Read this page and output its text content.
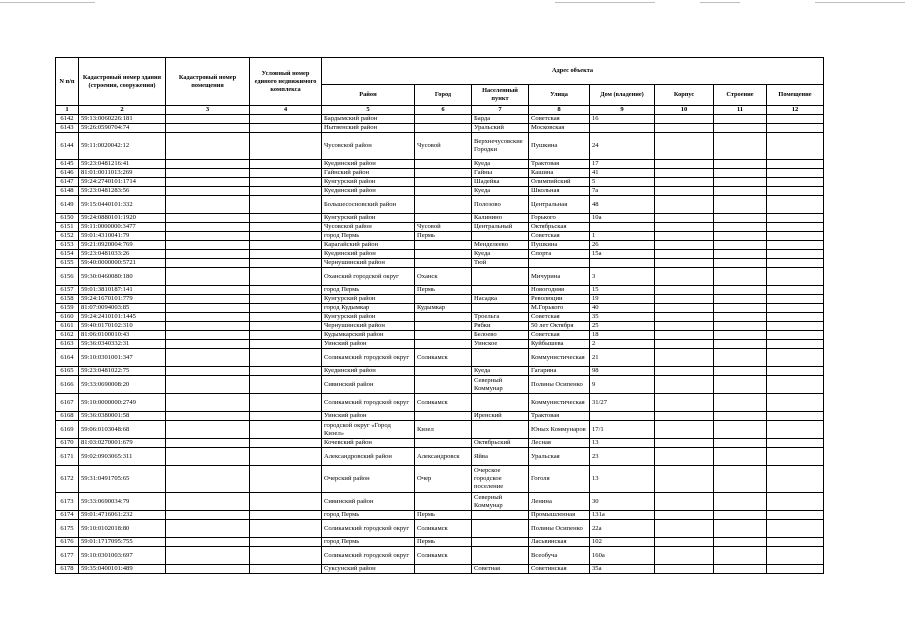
N п/п	Кадастровый номер здания (строения, сооружения)	Кадастровый номер помещения	Условный номер единого недвижимого комплекса	Адрес объекта							
				Район	Город	Населенный пункт	Улица	Дом (владение)	Корпус	Строение	Помещение
1	2	3	4	5	6	7	8	9	10	11	12
6142	59:13:0060226:181			Бардымский район		Барда	Советская	16			
6143	59:26:0590704:74			Нытвенский район		Уральский	Московская				
6144	59:11:0020042:12			Чусовской район	Чусовой	Верхнечусовские Городки	Пушкина	24			
6145	59:23:0481216:41			Куединский район		Куеда	Трактовая	17			
6146	81:01:0011013:269			Гайнский район		Гайны	Кашина	41			
6147	59:24:2740101:1714			Кунгурский район		Шадейка	Олимпийский	5			
6148	59:23:0481283:56			Куединский район		Куеда	Школьная	7а			
6149	59:15:0440101:332			Большесосновский район		Полозово	Центральная	48			
6150	59:24:0880101:1920			Кунгурский район		Калинино	Горького	10а			
6151	59:11:0000000:3477			Чусовской район	Чусовой	Центральный	Октябрьская				
6152	59:01:4310041:79			город Пермь	Пермь		Советская	1			
6153	59:21:0920004:769			Карагайский район		Менделеево	Пушкина	26			
6154	59:23:0481033:26			Куединский район		Куеда	Спорта	15а			
6155	59:40:0000000:5721			Чернушинский район		Тюй					
6156	59:30:0460080:180			Оханский городской округ	Оханск		Мичурина	3			
6157	59:01:3810187:141			город Пермь	Пермь		Новогодняя	15			
6158	59:24:1670101:779			Кунгурский район		Насадка	Революции	19			
6159	81:07:0094003:85			город Кудымкар	Кудымкар		М.Горького	40			
6160	59:24:2410101:1445			Кунгурский район		Троельга	Советская	35			
6161	59:40:0170102:310			Чернушинский район		Рябки	50 лет Октября	25			
6162	81:06:0100010:43			Кудымкарский район		Белоево	Советская	18			
6163	59:36:0340332:31			Уинский район		Уинское	Куйбышева	2			
6164	59:10:0301001:347			Соликамский городской округ	Соликамск		Коммунистическая	21			
6165	59:23:0481022:75			Куединский район		Куеда	Гагарина	98			
6166	59:33:0690008:20			Сивинский район		Северный Коммунар	Полины Осипенко	9			
6167	59:10:0000000:2749			Соликамский городской округ	Соликамск		Коммунистическая	31/27			
6168	59:36:0380001:58			Уинский район		Иренский	Трактовая				
6169	59:06:0103048:68			городской округ «Город Кизел»	Кизел		Юных Коммунаров	17/1			
6170	81:03:0270001:679			Кочевский район		Октябрьский	Лесная	13			
6171	59:02:0903065:311			Александровский район	Александровск	Яйва	Уральская	23			
6172	59:31:0491705:65			Очерский район	Очер	Очерское городское поселение	Гоголя	13			
6173	59:33:0690034:79			Сивинский район		Северный Коммунар	Ленина	30			
6174	59:01:4716061:232			город Пермь	Пермь		Промышленная	131а			
6175	59:10:0102018:80			Соликамский городской округ	Соликамск		Полины Осипенко	22а			
6176	59:01:1717095:755			город Пермь	Пермь		Ласьвинская	102			
6177	59:10:0301003:697			Соликамский городской округ	Соликамск		Всеобуча	160а			
6178	59:35:0400101:489			Суксунский район		Советная	Советинская	35а			
